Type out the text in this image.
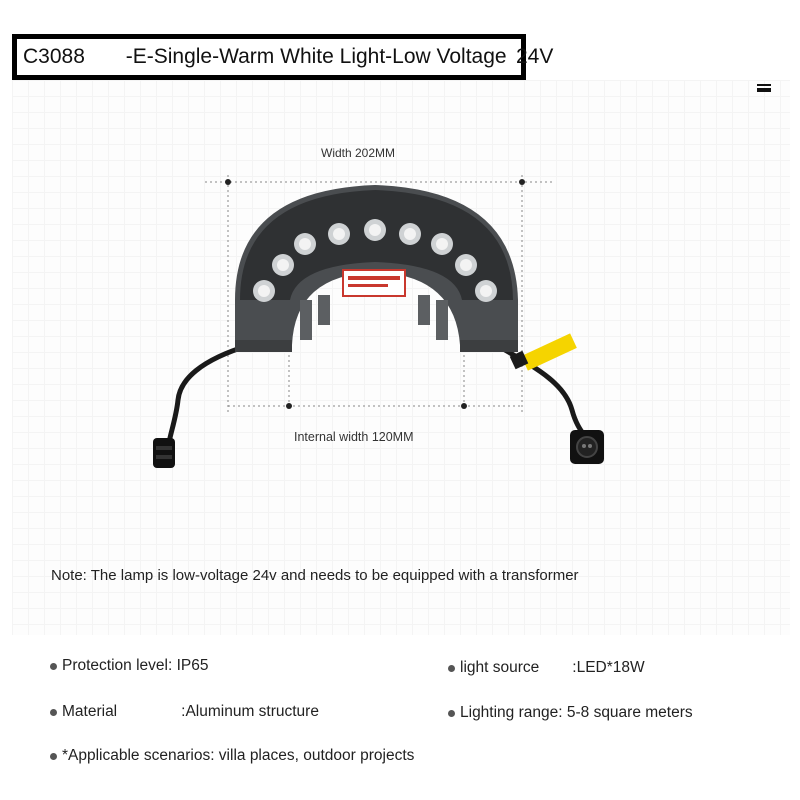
C3088       -E-Single-Warm White Light-Low Voltage 24V
Width 202MM
Internal width 120MM
Note: The lamp is low-voltage 24v and needs to be equipped with a transformer
Protection level: IP65	light source :LED*18W
Material	:Aluminum structure	Lighting range: 5-8 square meters
*Applicable scenarios: villa places, outdoor projects
